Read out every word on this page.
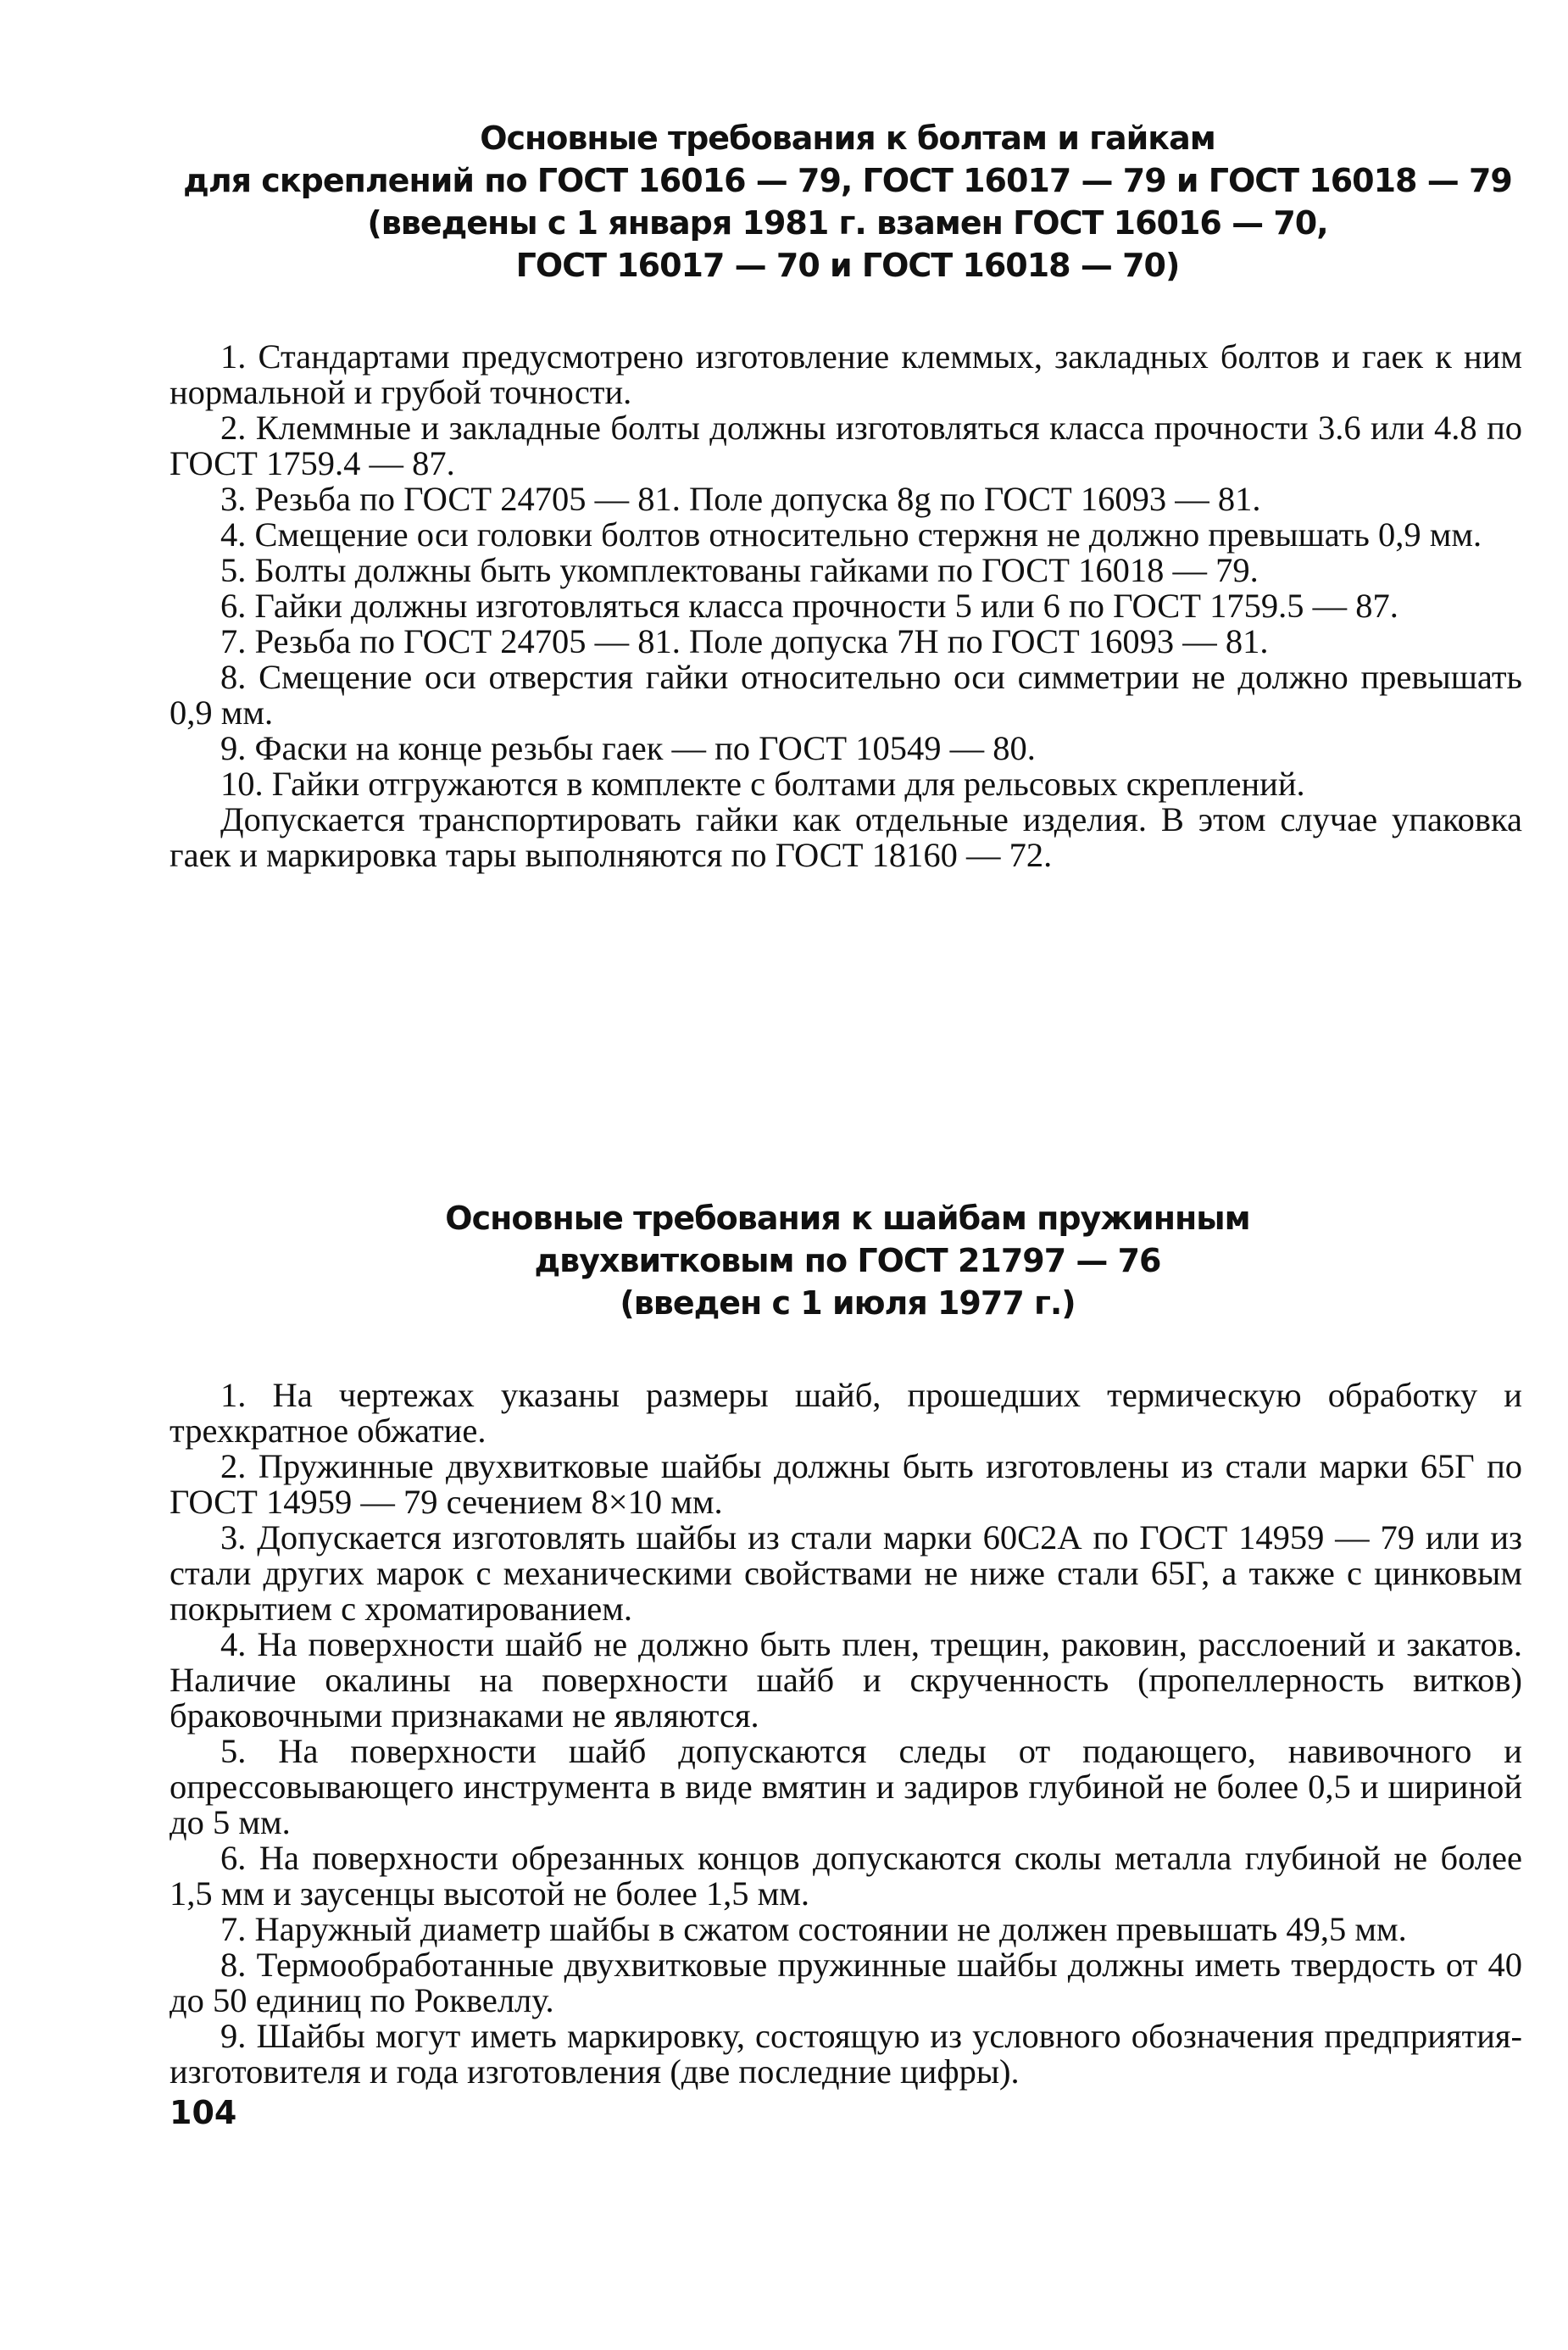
Основные требования к болтам и гайкам
для скреплений по ГОСТ 16016 — 79, ГОСТ 16017 — 79 и ГОСТ 16018 — 79
(введены с 1 января 1981 г. взамен ГОСТ 16016 — 70,
ГОСТ 16017 — 70 и ГОСТ 16018 — 70)

1. Стандартами предусмотрено изготовление клеммых, закладных болтов и гаек к ним нормальной и грубой точности.

2. Клеммные и закладные болты должны изготовляться класса прочности 3.6 или 4.8 по ГОСТ 1759.4 — 87.

3. Резьба по ГОСТ 24705 — 81. Поле допуска 8g по ГОСТ 16093 — 81.

4. Смещение оси головки болтов относительно стержня не должно превышать 0,9 мм.

5. Болты должны быть укомплектованы гайками по ГОСТ 16018 — 79.

6. Гайки должны изготовляться класса прочности 5 или 6 по ГОСТ 1759.5 — 87.

7. Резьба по ГОСТ 24705 — 81. Поле допуска 7H по ГОСТ 16093 — 81.

8. Смещение оси отверстия гайки относительно оси симметрии не должно превышать 0,9 мм.

9. Фаски на конце резьбы гаек — по ГОСТ 10549 — 80.

10. Гайки отгружаются в комплекте с болтами для рельсовых скреплений.

Допускается транспортировать гайки как отдельные изделия. В этом случае упаковка гаек и маркировка тары выполняются по ГОСТ 18160 — 72.

Основные требования к шайбам пружинным
двухвитковым по ГОСТ 21797 — 76
(введен с 1 июля 1977 г.)

1. На чертежах указаны размеры шайб, прошедших термическую обработку и трехкратное обжатие.

2. Пружинные двухвитковые шайбы должны быть изготовлены из стали марки 65Г по ГОСТ 14959 — 79 сечением 8×10 мм.

3. Допускается изготовлять шайбы из стали марки 60С2А по ГОСТ 14959 — 79 или из стали других марок с механическими свойствами не ниже стали 65Г, а также с цинковым покрытием с хроматированием.

4. На поверхности шайб не должно быть плен, трещин, раковин, расслоений и закатов. Наличие окалины на поверхности шайб и скрученность (пропеллерность витков) браковочными признаками не являются.

5. На поверхности шайб допускаются следы от подающего, навивочного и опрессовывающего инструмента в виде вмятин и задиров глубиной не более 0,5 и шириной до 5 мм.

6. На поверхности обрезанных концов допускаются сколы металла глубиной не более 1,5 мм и заусенцы высотой не более 1,5 мм.

7. Наружный диаметр шайбы в сжатом состоянии не должен превышать 49,5 мм.

8. Термообработанные двухвитковые пружинные шайбы должны иметь твердость от 40 до 50 единиц по Роквеллу.

9. Шайбы могут иметь маркировку, состоящую из условного обозначения предприятия-изготовителя и года изготовления (две последние цифры).

104
